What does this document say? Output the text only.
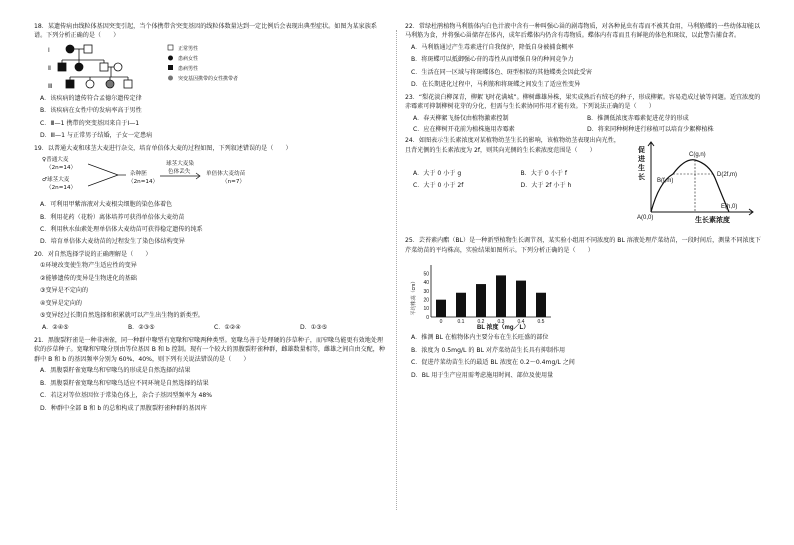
18．某遗传病由线粒体基因突变引起，当个体携带含突变基因的线粒体数量达到一定比例后会表现出典型症状。如图为某家族系谱。下列分析正确的是（　　）

Ⅰ
Ⅱ
Ⅲ
正常男性
患病女性
患病男性
突变基因携带的女性携带者

A．该疾病的遗传符合孟德尔遗传定律

B．该疾病在女性中的发病率高于男性

C．Ⅲ—1 携带的突变基因来自于Ⅰ—1

D．Ⅲ—1 与正常男子结婚，子女一定患病

19．以普通大麦和球茎大麦进行杂交，培育单倍体大麦的过程如图，下列叙述错误的是（　　）

♀普通大麦
（2n=14）
♂球茎大麦
（2n=14）
杂种胚
（2n=14）
球茎大麦染
色体丢失	单倍体大麦幼苗
（n=7）

A．可利用甲紫溶液对大麦根尖细胞的染色体着色

B．利用花药（花粉）离体培养可获得单倍体大麦幼苗

C．利用秋水仙素处理单倍体大麦幼苗可获得稳定遗传的纯系

D．培育单倍体大麦幼苗的过程发生了染色体结构变异

20．对自然选择学说的正确理解是（　　）

①环境改变使生物产生适应性的变异

②能够遗传的变异是生物进化的基础

③变异是不定向的

④变异是定向的

⑤变异经过长期自然选择和积累就可以产生出生物的新类型。

A．②④⑤	B．②③⑤	C．①②④	D．①③⑤

21．黑腹裂籽雀是一种非洲雀，同一种群中喙型有宽喙和窄喙两种类型。宽喙鸟善于处理硬的莎草种子，而窄喙鸟能更有效地处理软的莎草种子。宽喙和窄喙分别由等位基因 B 和 b 控制。现有一个较大的黑腹裂籽雀种群，雌雄数量相等，雌雄之间自由交配，种群中 B 和 b 的基因频率分别为 60%、40%，则下列有关说法错误的是（　　）

A．黑腹裂籽雀宽喙鸟和窄喙鸟的形成是自然选择的结果

B．黑腹裂籽雀宽喙鸟和窄喙鸟适应不同环境是自然选择的结果

C．若这对等位基因位于常染色体上，杂合子基因型频率为 48%

D．种群中全部 B 和 b 的总和构成了黑腹裂籽雀种群的基因库

22．常绿杜鹃植物马利筋体内白色汁液中含有一种叫强心甾的剧毒物质，对各种昆虫有毒而不被其食用，马利筋蝶的一些幼体却能以马利筋为食，并将强心甾储存在体内，成年后蝶体内仍含有毒物质。蝶体内有毒而且有鲜艳的体色和斑纹，以此警告捕食者。

A．马利筋通过产生毒素进行自我保护，降低自身被捕食概率

B．将斑蝶可以抵御强心苷的毒性从而增强自身的种间竞争力

C．生活在同一区域与将斑蝶体色、斑型相似的其他蝶类会因此受害

D．在长期进化过程中，马利筋和将斑蝶之间发生了适应性变异

23．“梨花淡白柳深青，柳絮飞时花满城”。柳树雌雄异株，果实成熟后有绒毛的种子，形成柳絮。容易造成过敏等问题。适宜浓度的赤霉素可抑制柳树花芽的分化，但需与生长素协同作用才能有效。下列说法正确的是（　　）

A．春天柳絮飞扬仅由植物激素控制	B．推测低浓度赤霉素促进花芽的形成
C．应在柳树开花前为植株施用赤霉素	D．将来同种树种进行移植可以培育少絮柳植株

24．如图表示生长素浓度对某植物幼茎生长的影响，该植物幼茎表现出向光性，且背光侧的生长素浓度为 2f，则其向光侧的生长素浓度范围是（　　）

A．大于 0 小于 g	B．大于 0 小于 f
C．大于 0 小于 2f	D．大于 2f 小于 h
促
进
生
长
C(g,n)
B(f,m)
D(2f,m)
E(h,0)
A(0,0)	生长素浓度

25．芸苔素内酯（BL）是一种新型植物生长调节剂，某实验小组用不同浓度的 BL 溶液处理芹菜幼苗，一段时间后，测量不同浓度下芹菜幼苗的平均株高，实验结果如图所示。下列分析正确的是（　　）

平均株高（cm）
0
10
20
30
40
50
0	0.1	0.2	0.3	0.4	0.5
BL 浓度（mg／L）

A．推测 BL 在植物体内主要分布在生长旺盛的部位

B．浓度为 0.5mg/L 的 BL 对芹菜幼苗生长具有抑制作用

C．促进芹菜幼苗生长的最适 BL 浓度在 0.2～0.4mg/L 之间

D．BL 用于生产应用需考虑施用时间、部位及使用量
